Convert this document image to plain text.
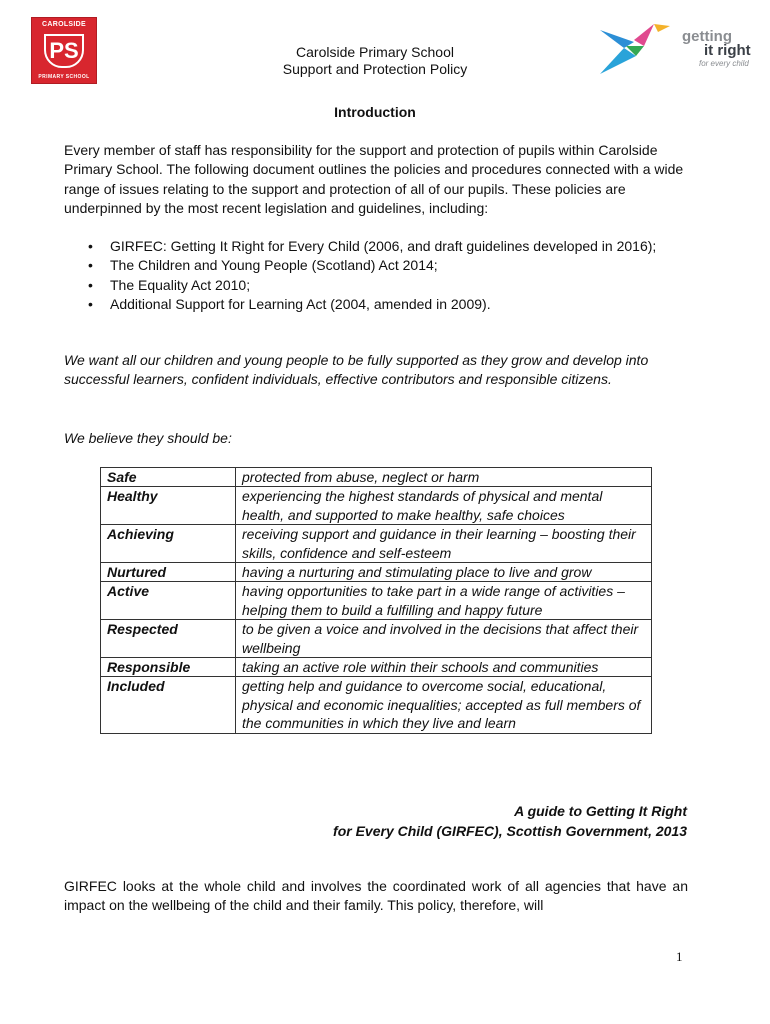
CAROLSIDE
PS
PRIMARY SCHOOL
Carolside Primary School
Support and Protection Policy
getting
it right
for every child
Introduction
Every member of staff has responsibility for the support and protection of pupils within Carolside Primary School. The following document outlines the policies and procedures connected with a wide range of issues relating to the support and protection of all of our pupils. These policies are underpinned by the most recent legislation and guidelines, including:
• GIRFEC: Getting It Right for Every Child (2006, and draft guidelines developed in 2016);
• The Children and Young People (Scotland) Act 2014;
• The Equality Act 2010;
• Additional Support for Learning Act (2004, amended in 2009).
We want all our children and young people to be fully supported as they grow and develop into successful learners, confident individuals, effective contributors and responsible citizens.
We believe they should be:
Safe	protected from abuse, neglect or harm
Healthy	experiencing the highest standards of physical and mental health, and supported to make healthy, safe choices
Achieving	receiving support and guidance in their learning – boosting their skills, confidence and self-esteem
Nurtured	having a nurturing and stimulating place to live and grow
Active	having opportunities to take part in a wide range of activities – helping them to build a fulfilling and happy future
Respected	to be given a voice and involved in the decisions that affect their wellbeing
Responsible	taking an active role within their schools and communities
Included	getting help and guidance to overcome social, educational, physical and economic inequalities; accepted as full members of the communities in which they live and learn
A guide to Getting It Right
for Every Child (GIRFEC), Scottish Government, 2013
GIRFEC looks at the whole child and involves the coordinated work of all agencies that have an impact on the wellbeing of the child and their family. This policy, therefore, will
1
